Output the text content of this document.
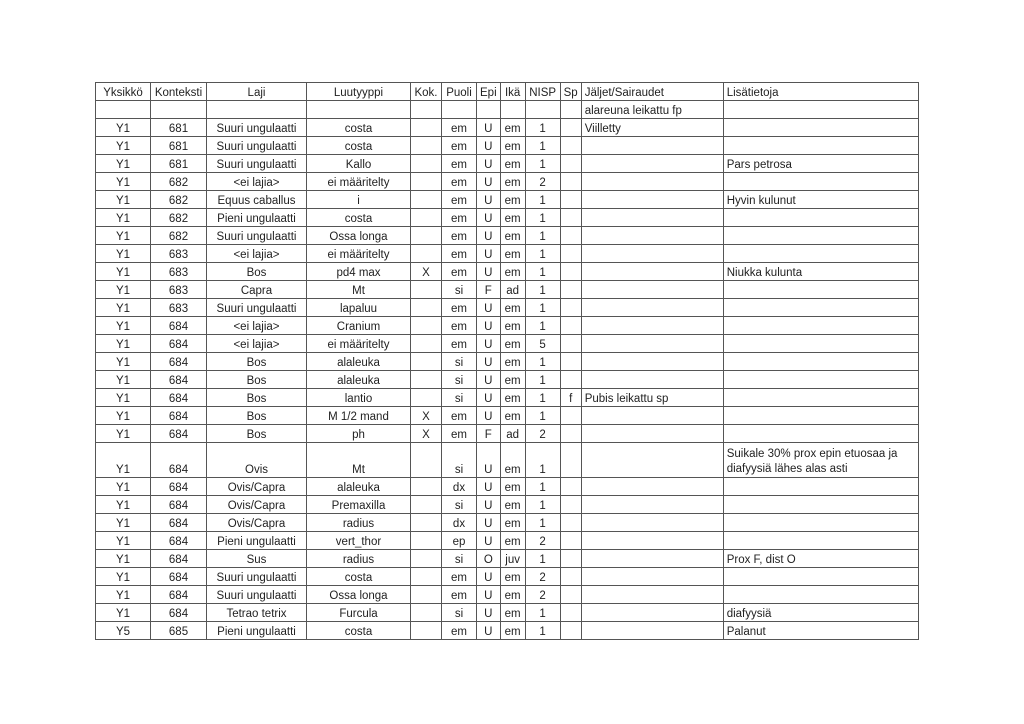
Yksikkö	Konteksti	Laji	Luutyyppi	Kok.	Puoli	Epi	Ikä	NISP	Sp	Jäljet/Sairaudet	Lisätietoja
										alareuna leikattu fp	
Y1	681	Suuri ungulaatti	costa		em	U	em	1		Viilletty	
Y1	681	Suuri ungulaatti	costa		em	U	em	1			
Y1	681	Suuri ungulaatti	Kallo		em	U	em	1			Pars petrosa
Y1	682	<ei lajia>	ei määritelty		em	U	em	2			
Y1	682	Equus caballus	i		em	U	em	1			Hyvin kulunut
Y1	682	Pieni ungulaatti	costa		em	U	em	1			
Y1	682	Suuri ungulaatti	Ossa longa		em	U	em	1			
Y1	683	<ei lajia>	ei määritelty		em	U	em	1			
Y1	683	Bos	pd4 max	X	em	U	em	1			Niukka kulunta
Y1	683	Capra	Mt		si	F	ad	1			
Y1	683	Suuri ungulaatti	lapaluu		em	U	em	1			
Y1	684	<ei lajia>	Cranium		em	U	em	1			
Y1	684	<ei lajia>	ei määritelty		em	U	em	5			
Y1	684	Bos	alaleuka		si	U	em	1			
Y1	684	Bos	alaleuka		si	U	em	1			
Y1	684	Bos	lantio		si	U	em	1	f	Pubis leikattu sp	
Y1	684	Bos	M 1/2 mand	X	em	U	em	1			
Y1	684	Bos	ph	X	em	F	ad	2			
Y1	684	Ovis	Mt		si	U	em	1			Suikale 30% prox epin etuosaa ja diafyysiä lähes alas asti
Y1	684	Ovis/Capra	alaleuka		dx	U	em	1			
Y1	684	Ovis/Capra	Premaxilla		si	U	em	1			
Y1	684	Ovis/Capra	radius		dx	U	em	1			
Y1	684	Pieni ungulaatti	vert_thor		ep	U	em	2			
Y1	684	Sus	radius		si	O	juv	1			Prox F, dist O
Y1	684	Suuri ungulaatti	costa		em	U	em	2			
Y1	684	Suuri ungulaatti	Ossa longa		em	U	em	2			
Y1	684	Tetrao tetrix	Furcula		si	U	em	1			diafyysiä
Y5	685	Pieni ungulaatti	costa		em	U	em	1			Palanut
